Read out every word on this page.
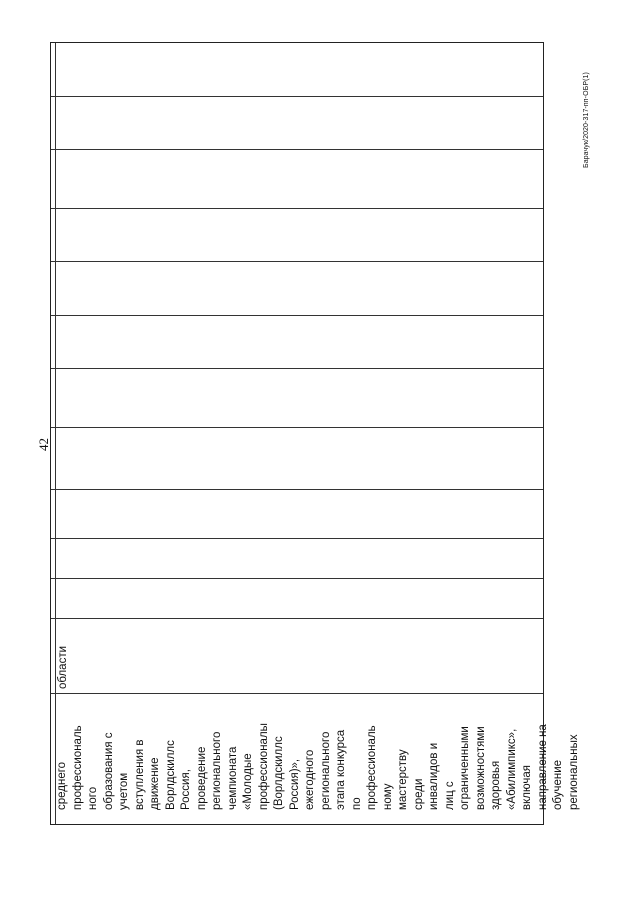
42
Барачук/2020-317-пп-ОБР(1)
области
среднего профессиональ ного образования с учетом вступления в движение Ворлдскиллс Россия, проведение регионального чемпионата «Молодые профессионалы (Ворлдскиллс Россия)», ежегодного регионального этапа конкурса по профессиональ ному мастерству среди инвалидов и лиц с ограниченными возможностями здоровья «Абилимпикс», включая направление на обучение региональных
